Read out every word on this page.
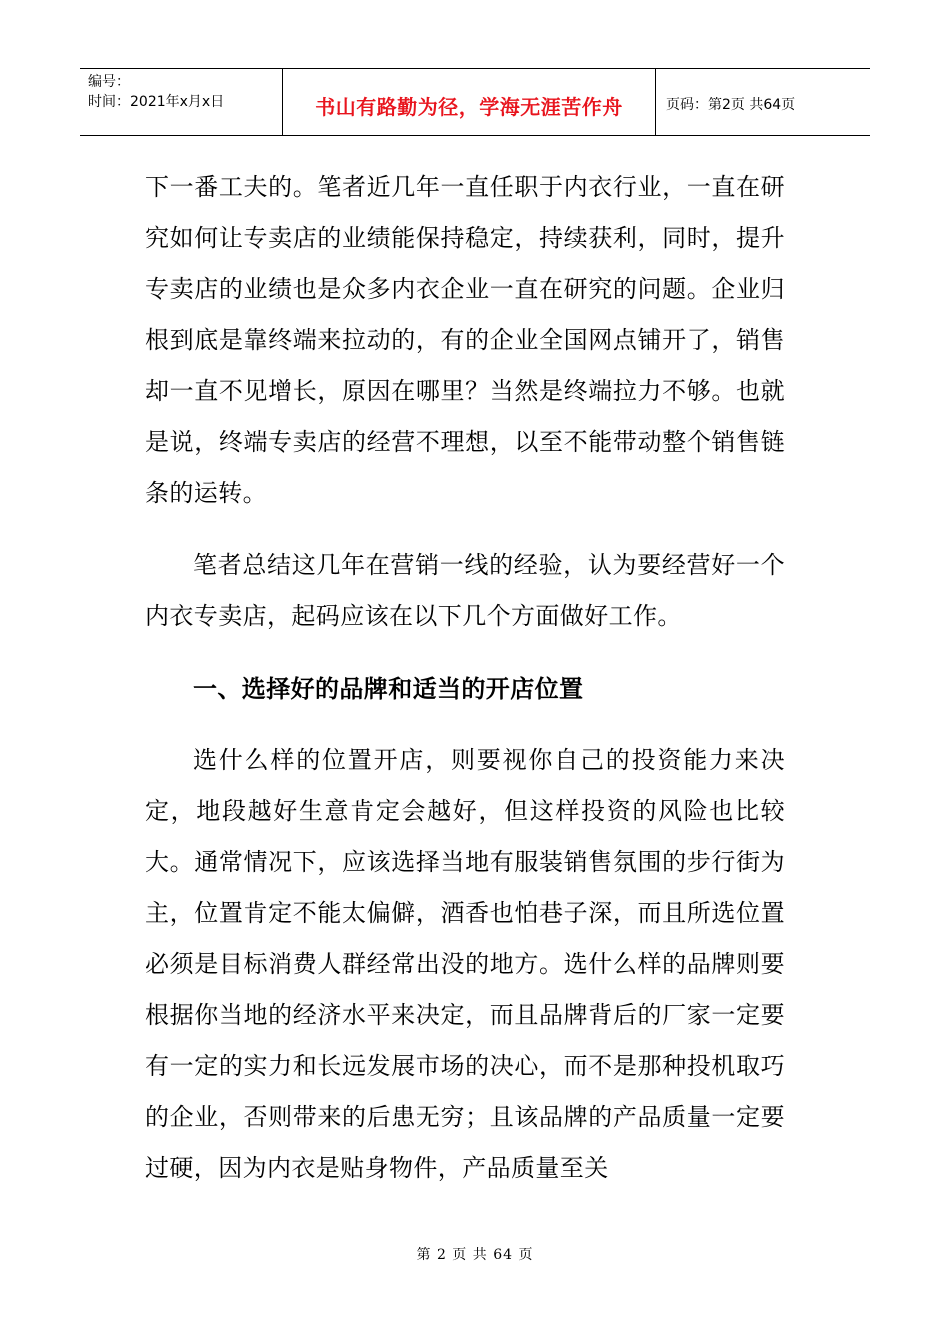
编号：
时间：2021年x月x日	书山有路勤为径，学海无涯苦作舟	页码：第2页 共64页

下一番工夫的。笔者近几年一直任职于内衣行业，一直在研究如何让专卖店的业绩能保持稳定，持续获利，同时，提升专卖店的业绩也是众多内衣企业一直在研究的问题。企业归根到底是靠终端来拉动的，有的企业全国网点铺开了，销售却一直不见增长，原因在哪里？当然是终端拉力不够。也就是说，终端专卖店的经营不理想，以至不能带动整个销售链条的运转。

笔者总结这几年在营销一线的经验，认为要经营好一个内衣专卖店，起码应该在以下几个方面做好工作。

一、选择好的品牌和适当的开店位置

选什么样的位置开店，则要视你自己的投资能力来决定，地段越好生意肯定会越好，但这样投资的风险也比较大。通常情况下，应该选择当地有服装销售氛围的步行街为主，位置肯定不能太偏僻，酒香也怕巷子深，而且所选位置必须是目标消费人群经常出没的地方。选什么样的品牌则要根据你当地的经济水平来决定，而且品牌背后的厂家一定要有一定的实力和长远发展市场的决心，而不是那种投机取巧的企业，否则带来的后患无穷；且该品牌的产品质量一定要过硬，因为内衣是贴身物件，产品质量至关

第 2 页 共 64 页
